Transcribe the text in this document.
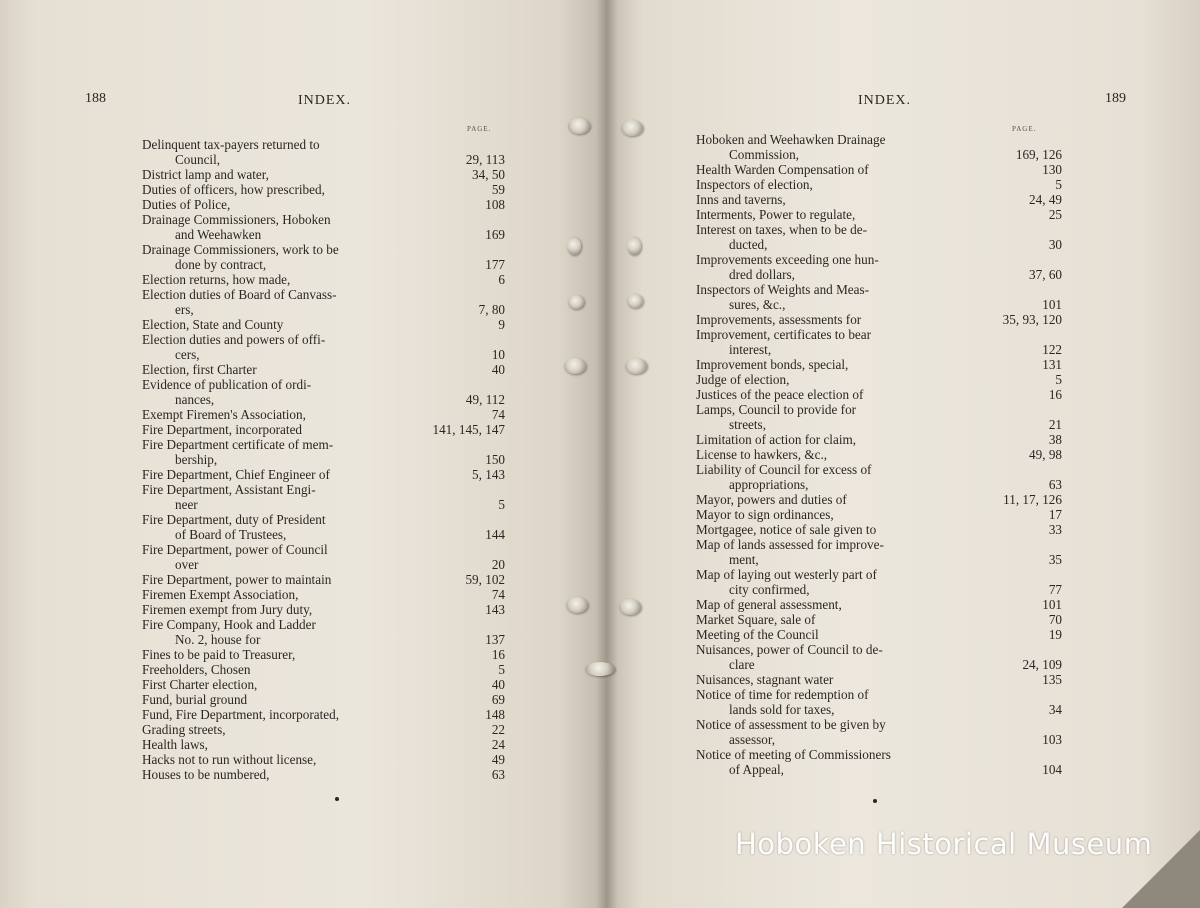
188	INDEX.
PAGE.
189
INDEX.
PAGE.
Delinquent tax-payers returned to
Council,	29, 113
District lamp and water,	34, 50
Duties of officers, how prescribed,	59
Duties of Police,	108
Drainage Commissioners, Hoboken
and Weehawken	169
Drainage Commissioners, work to be
done by contract,	177
Election returns, how made,	6
Election duties of Board of Canvass-
ers,	7, 80
Election, State and County	9
Election duties and powers of offi-
cers,	10
Election, first Charter	40
Evidence of publication of ordi-
nances,	49, 112
Exempt Firemen's Association,	74
Fire Department, incorporated	141, 145, 147
Fire Department certificate of mem-
bership,	150
Fire Department, Chief Engineer of	5, 143
Fire Department, Assistant Engi-
neer	5
Fire Department, duty of President
of Board of Trustees,	144
Fire Department, power of Council
over	20
Fire Department, power to maintain	59, 102
Firemen Exempt Association,	74
Firemen exempt from Jury duty,	143
Fire Company, Hook and Ladder
No. 2, house for	137
Fines to be paid to Treasurer,	16
Freeholders, Chosen	5
First Charter election,	40
Fund, burial ground	69
Fund, Fire Department, incorporated,	148
Grading streets,	22
Health laws,	24
Hacks not to run without license,	49
Houses to be numbered,	63
Hoboken and Weehawken Drainage
Commission,	169, 126
Health Warden Compensation of	130
Inspectors of election,	5
Inns and taverns,	24, 49
Interments, Power to regulate,	25
Interest on taxes, when to be de-
ducted,	30
Improvements exceeding one hun-
dred dollars,	37, 60
Inspectors of Weights and Meas-
sures, &c.,	101
Improvements, assessments for	35, 93, 120
Improvement, certificates to bear
interest,	122
Improvement bonds, special,	131
Judge of election,	5
Justices of the peace election of	16
Lamps, Council to provide for
streets,	21
Limitation of action for claim,	38
License to hawkers, &c.,	49, 98
Liability of Council for excess of
appropriations,	63
Mayor, powers and duties of	11, 17, 126
Mayor to sign ordinances,	17
Mortgagee, notice of sale given to	33
Map of lands assessed for improve-
ment,	35
Map of laying out westerly part of
city confirmed,	77
Map of general assessment,	101
Market Square, sale of	70
Meeting of the Council	19
Nuisances, power of Council to de-
clare	24, 109
Nuisances, stagnant water	135
Notice of time for redemption of
lands sold for taxes,	34
Notice of assessment to be given by
assessor,	103
Notice of meeting of Commissioners
of Appeal,	104
Hoboken Historical Museum
